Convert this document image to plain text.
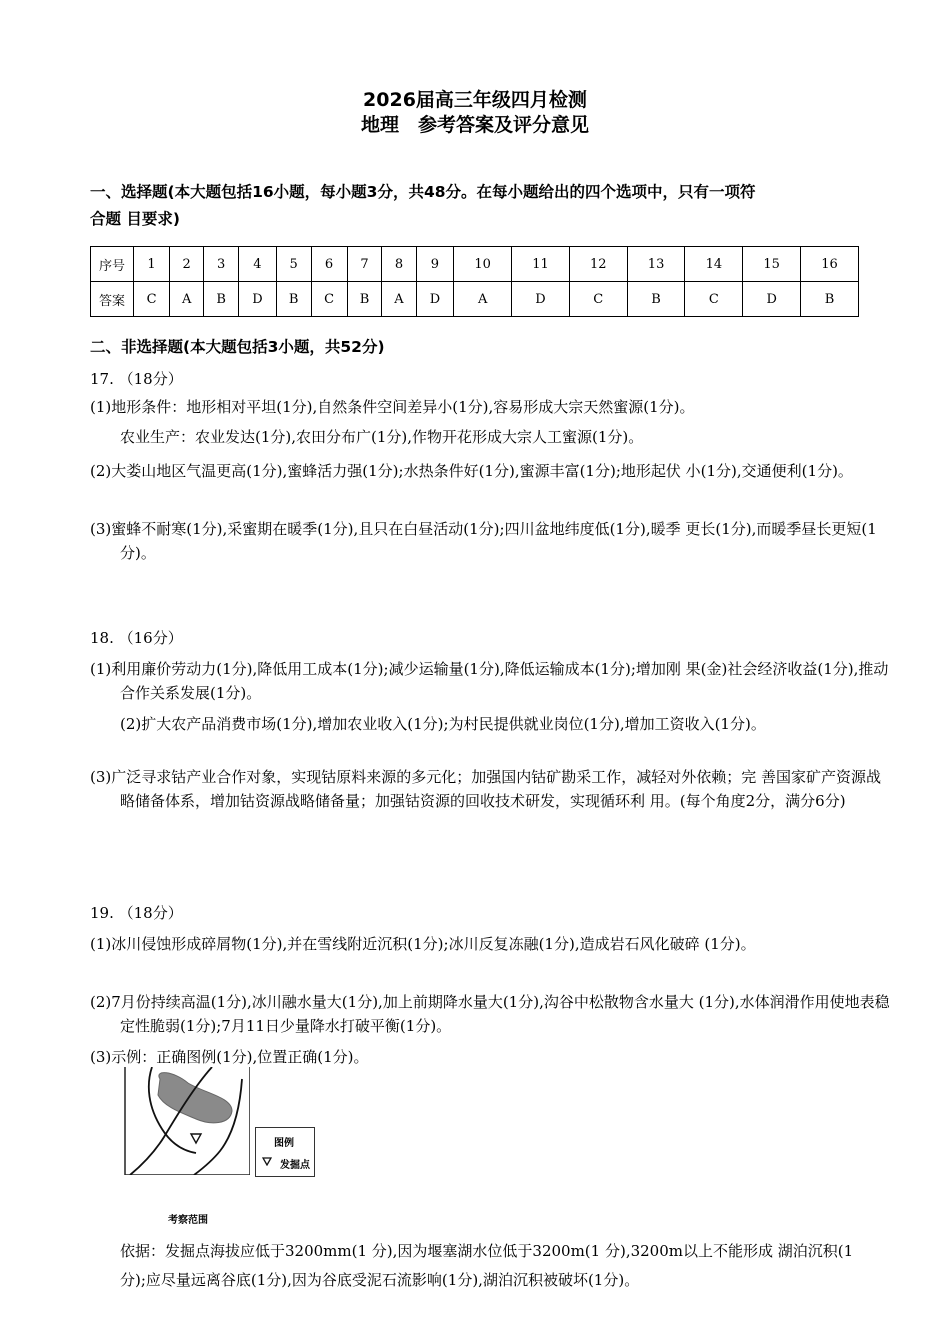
2026届高三年级四月检测
地理　参考答案及评分意见
一、选择题(本大题包括16小题，每小题3分，共48分。在每小题给出的四个选项中，只有一项符
合题 目要求)
序号	1	2	3	4	5	6	7	8	9	10	11	12	13	14	15	16
答案	C	A	B	D	B	C	B	A	D	A	D	C	B	C	D	B
二、非选择题(本大题包括3小题，共52分)
17. （18分）
(1)地形条件：地形相对平坦(1分),自然条件空间差异小(1分),容易形成大宗天然蜜源(1分)。
农业生产：农业发达(1分),农田分布广(1分),作物开花形成大宗人工蜜源(1分)。
(2)大娄山地区气温更高(1分),蜜蜂活力强(1分);水热条件好(1分),蜜源丰富(1分);地形起伏 小(1分),交通便利(1分)。
(3)蜜蜂不耐寒(1分),采蜜期在暖季(1分),且只在白昼活动(1分);四川盆地纬度低(1分),暖季 更长(1分),而暖季昼长更短(1分)。
18. （16分）
(1)利用廉价劳动力(1分),降低用工成本(1分);减少运输量(1分),降低运输成本(1分);增加刚 果(金)社会经济收益(1分),推动合作关系发展(1分)。
(2)扩大农产品消费市场(1分),增加农业收入(1分);为村民提供就业岗位(1分),增加工资收入(1分)。
(3)广泛寻求钴产业合作对象，实现钴原料来源的多元化；加强国内钴矿勘采工作，减轻对外依赖；完 善国家矿产资源战略储备体系，增加钴资源战略储备量；加强钴资源的回收技术研发，实现循环利 用。(每个角度2分，满分6分)
19. （18分）
(1)冰川侵蚀形成碎屑物(1分),并在雪线附近沉积(1分);冰川反复冻融(1分),造成岩石风化破碎 (1分)。
(2)7月份持续高温(1分),冰川融水量大(1分),加上前期降水量大(1分),沟谷中松散物含水量大 (1分),水体润滑作用使地表稳定性脆弱(1分);7月11日少量降水打破平衡(1分)。
(3)示例：正确图例(1分),位置正确(1分)。
图例
发掘点
考察范围
依据：发掘点海拔应低于3200mm(1 分),因为堰塞湖水位低于3200m(1 分),3200m以上不能形成 湖泊沉积(1分);应尽量远离谷底(1分),因为谷底受泥石流影响(1分),湖泊沉积被破坏(1分)。
